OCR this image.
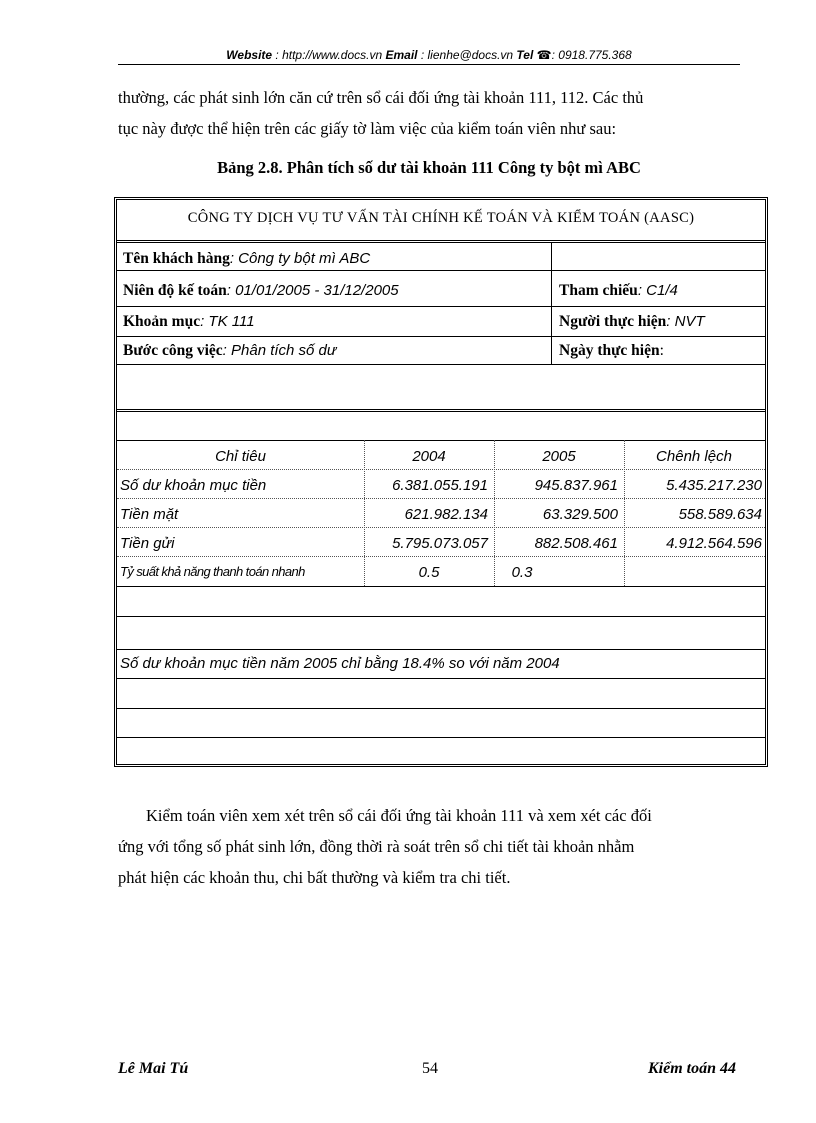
Website : http://www.docs.vn Email : lienhe@docs.vn Tel ☎: 0918.775.368
thường, các phát sinh lớn căn cứ trên sổ cái đối ứng tài khoản 111, 112. Các thủ
tục này được thể hiện trên các giấy tờ làm việc của kiểm toán viên như sau:
Bảng 2.8. Phân tích số dư tài khoản 111 Công ty bột mì ABC
CÔNG TY DỊCH VỤ TƯ VẤN TÀI CHÍNH KẾ TOÁN VÀ KIỂM TOÁN (AASC)
Tên khách hàng: Công ty bột mì ABC
Niên độ kế toán: 01/01/2005 - 31/12/2005	Tham chiếu: C1/4
Khoản mục: TK 111	Người thực hiện: NVT
Bước công việc: Phân tích số dư	Ngày thực hiện:
Chỉ tiêu	2004	2005	Chênh lệch
Số dư khoản mục tiền	6.381.055.191	945.837.961	5.435.217.230
Tiền mặt	621.982.134	63.329.500	558.589.634
Tiền gửi	5.795.073.057	882.508.461	4.912.564.596
Tỷ suất khả năng thanh toán nhanh	0.5	0.3
Số dư khoản mục tiền năm 2005 chỉ bằng 18.4% so với năm 2004
Kiểm toán viên xem xét trên sổ cái đối ứng tài khoản 111 và xem xét các đối
ứng với tổng số phát sinh lớn, đồng thời rà soát trên sổ chi tiết tài khoản nhằm
phát hiện các khoản thu, chi bất thường và kiểm tra chi tiết.
Lê Mai Tú	54	Kiểm toán 44
